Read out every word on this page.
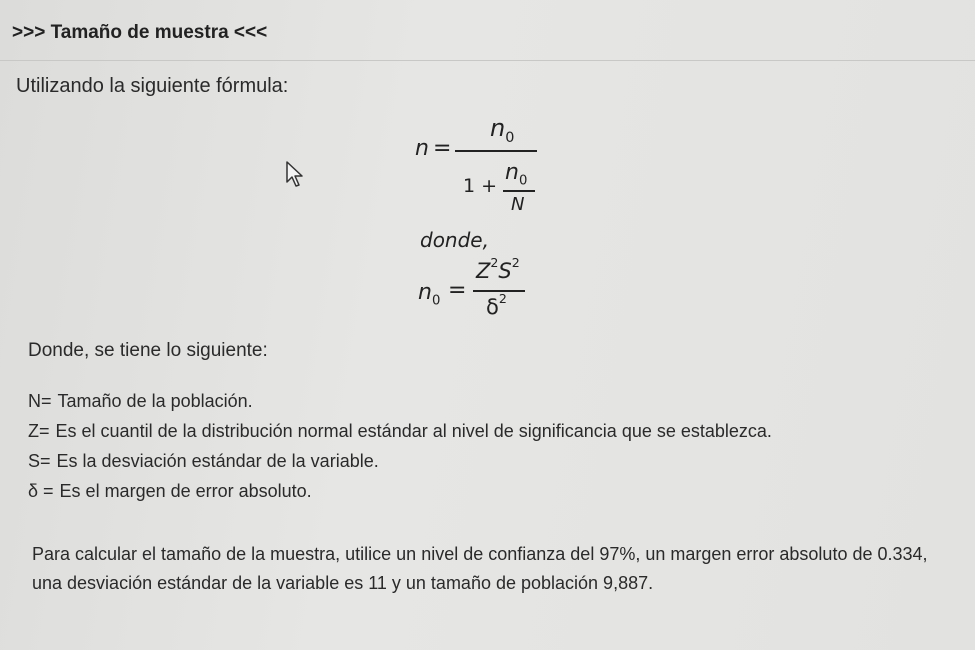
>>> Tamaño de muestra <<<
Utilizando la siguiente fórmula:
n =
$n_0$
1 +
$n_0$
N
donde,
$n_0$ =
$Z^2S^2$
$\delta^2$
Donde, se tiene lo siguiente:
N= Tamaño de la población.
Z= Es el cuantil de la distribución normal estándar al nivel de significancia que se establezca.
S= Es la desviación estándar de la variable.
δ = Es el margen de error absoluto.
Para calcular el tamaño de la muestra, utilice un nivel de confianza del 97%, un margen error absoluto de 0.334, una desviación estándar de la variable es 11 y un tamaño de población 9,887.
